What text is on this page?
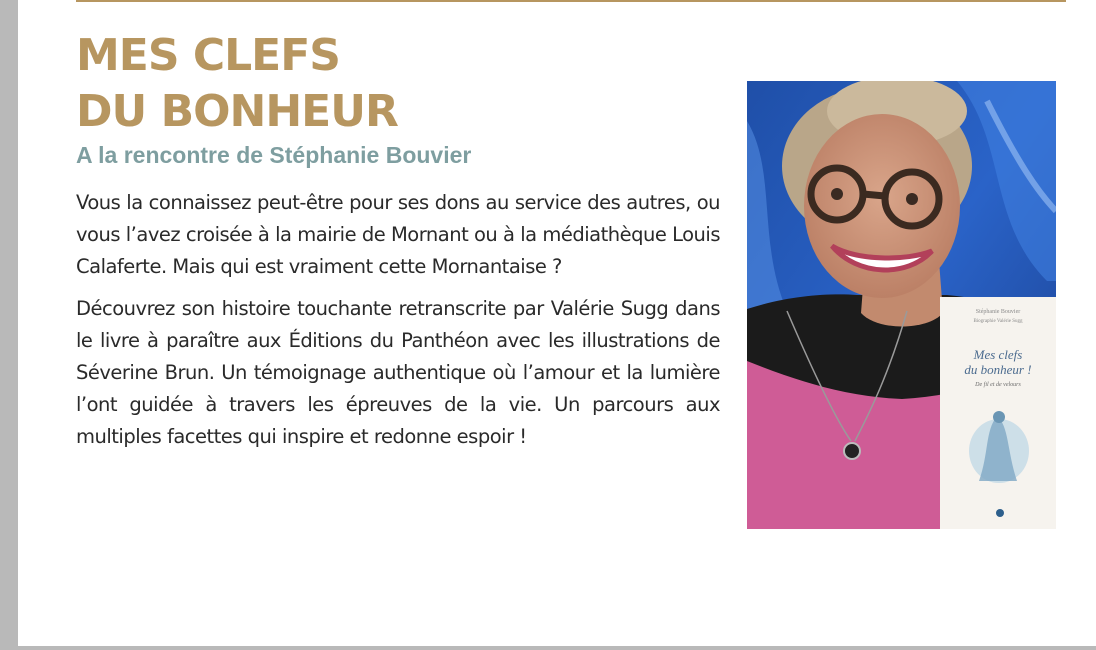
MES CLEFS
DU BONHEUR
A la rencontre de Stéphanie Bouvier

Vous la connaissez peut-être pour ses dons au service des autres, ou vous l’avez croisée à la mairie de Mornant ou à la médiathèque Louis Calaferte. Mais qui est vraiment cette Mornantaise ?

Découvrez son histoire touchante retranscrite par Valérie Sugg dans le livre à paraître aux Éditions du Panthéon avec les illustrations de Séverine Brun. Un témoignage authentique où l’amour et la lumière l’ont guidée à travers les épreuves de la vie. Un parcours aux multiples facettes qui inspire et redonne espoir !

Stéphanie Bouvier
Biographie Valérie Sugg
Mes clefs
du bonheur !
De fil et de velours
